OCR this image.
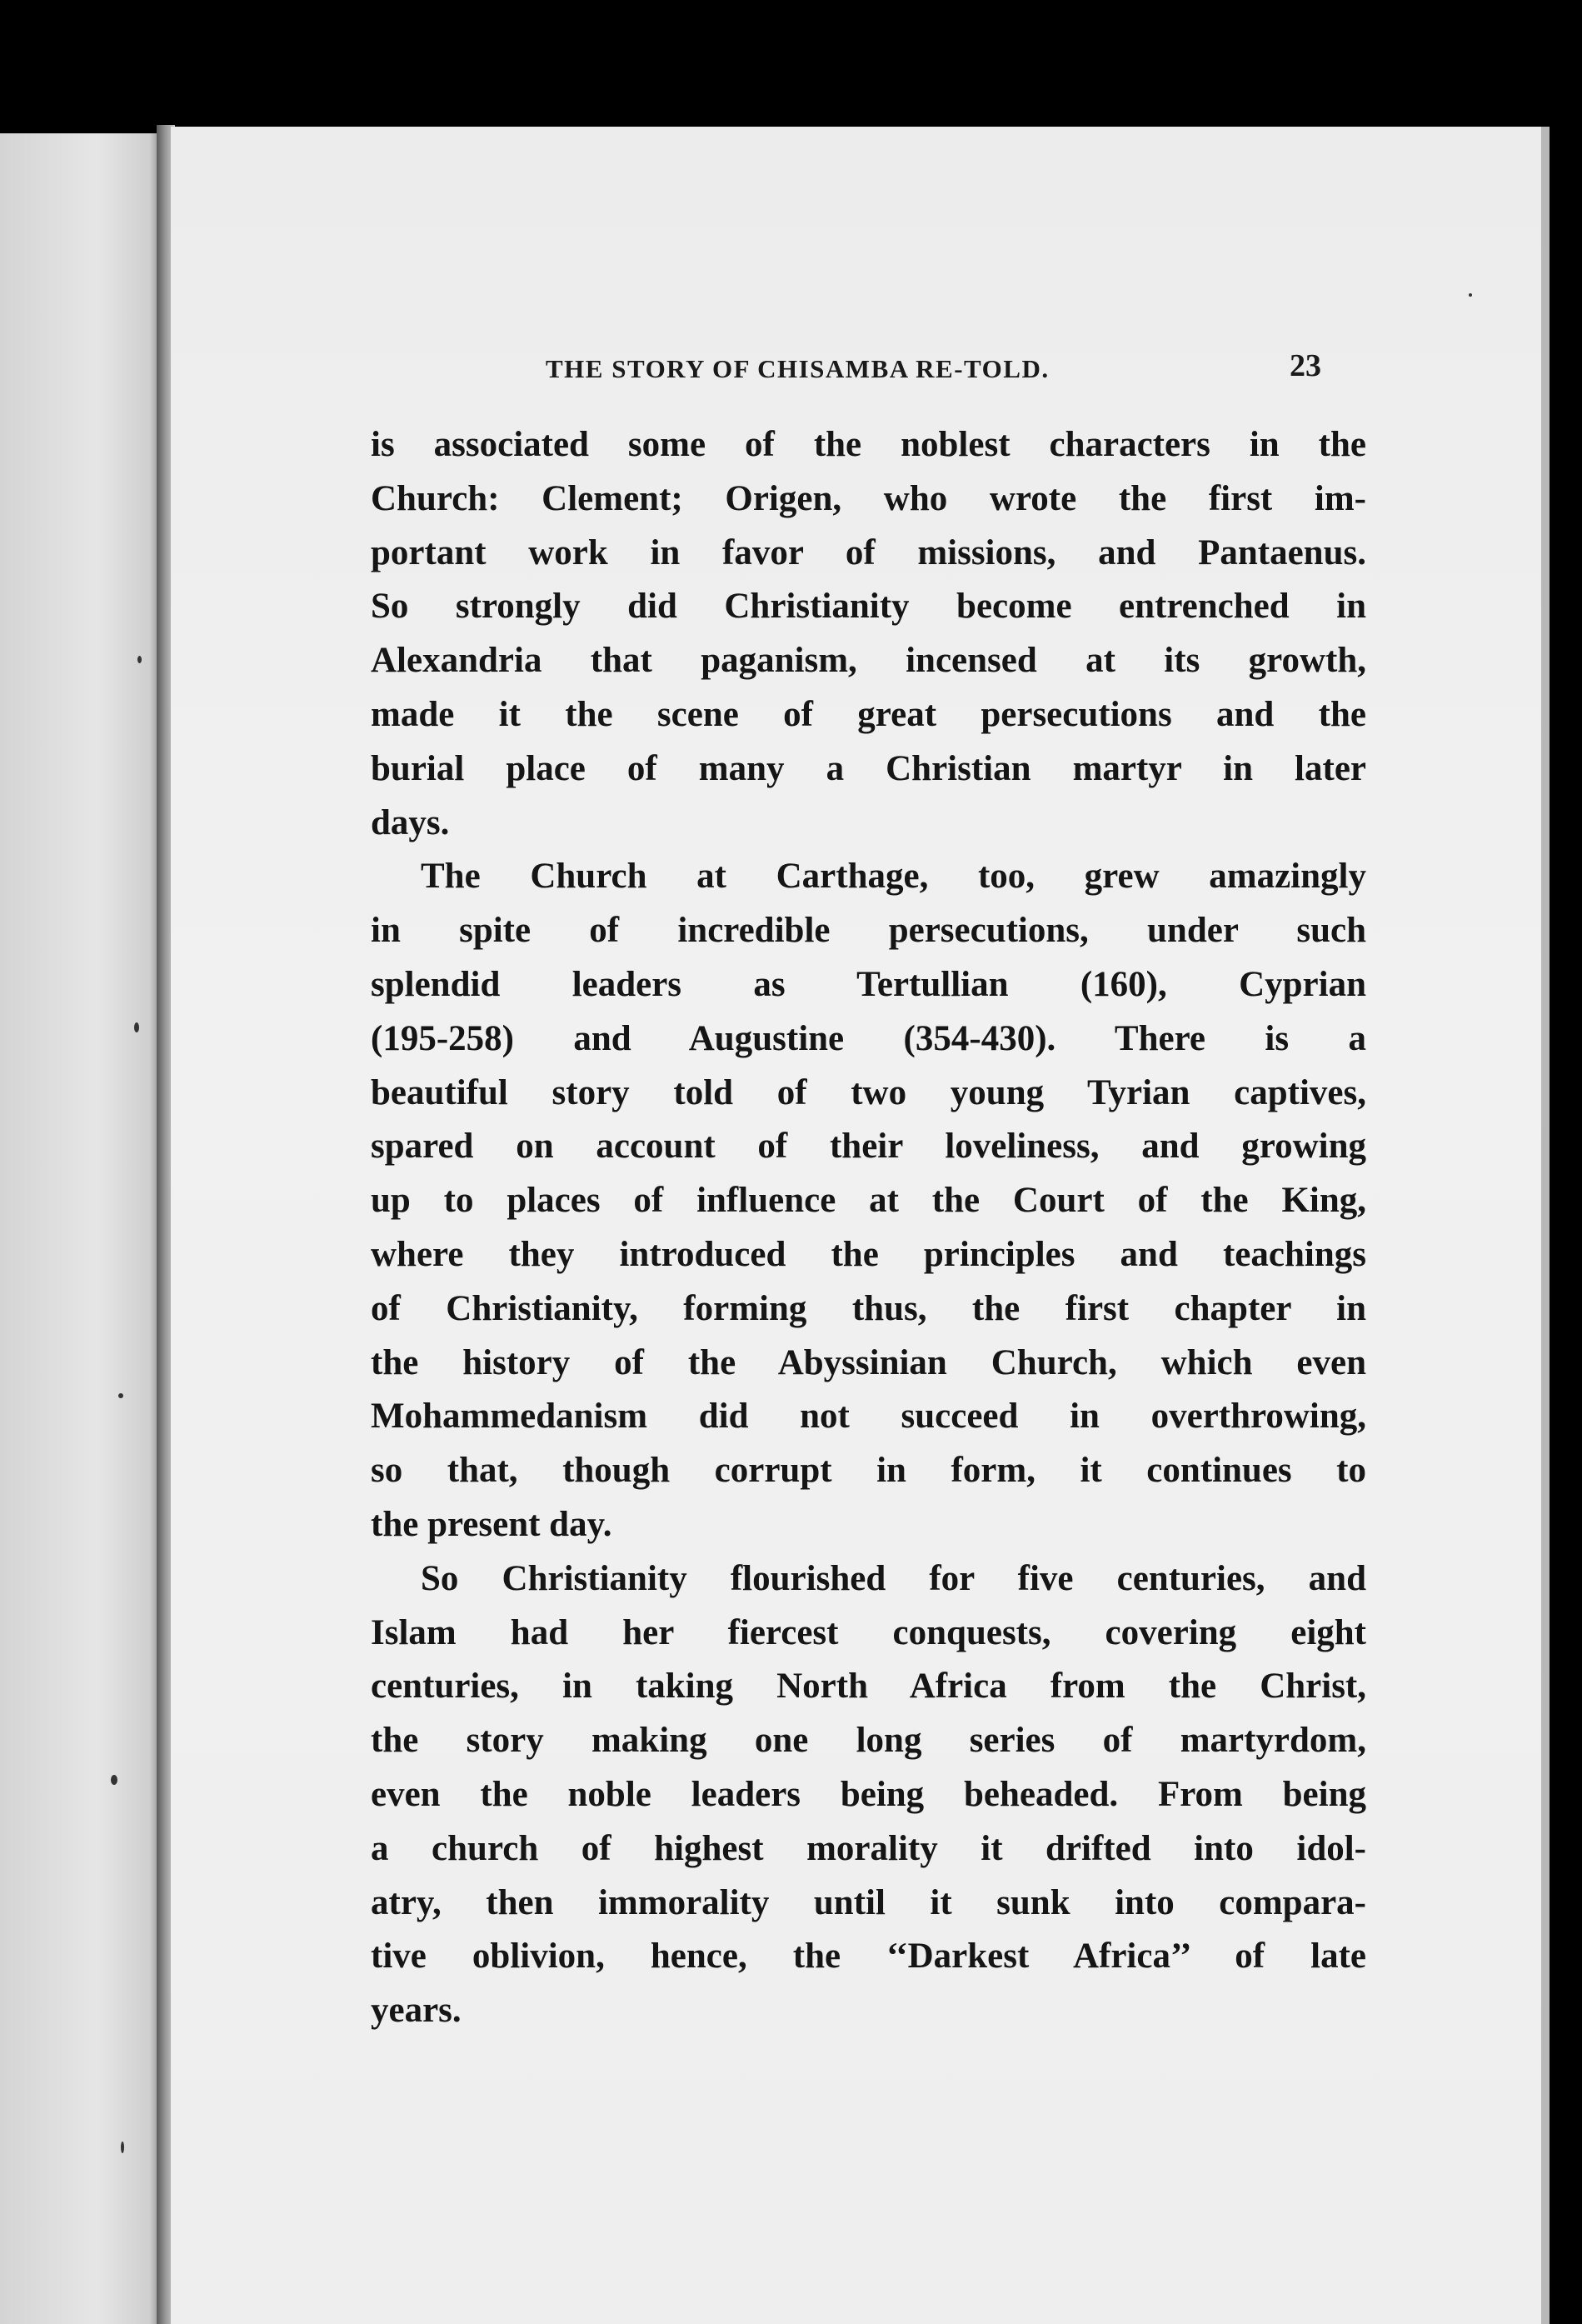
THE STORY OF CHISAMBA RE-TOLD.	23
is associated some of the noblest characters in the
Church: Clement; Origen, who wrote the first im-
portant work in favor of missions, and Pantaenus.
So strongly did Christianity become entrenched in
Alexandria that paganism, incensed at its growth,
made it the scene of great persecutions and the
burial place of many a Christian martyr in later
days.
The Church at Carthage, too, grew amazingly
in spite of incredible persecutions, under such
splendid leaders as Tertullian (160), Cyprian
(195-258) and Augustine (354-430). There is a
beautiful story told of two young Tyrian captives,
spared on account of their loveliness, and growing
up to places of influence at the Court of the King,
where they introduced the principles and teachings
of Christianity, forming thus, the first chapter in
the history of the Abyssinian Church, which even
Mohammedanism did not succeed in overthrowing,
so that, though corrupt in form, it continues to
the present day.
So Christianity flourished for five centuries, and
Islam had her fiercest conquests, covering eight
centuries, in taking North Africa from the Christ,
the story making one long series of martyrdom,
even the noble leaders being beheaded. From being
a church of highest morality it drifted into idol-
atry, then immorality until it sunk into compara-
tive oblivion, hence, the ‘‘Darkest Africa’’ of late
years.
